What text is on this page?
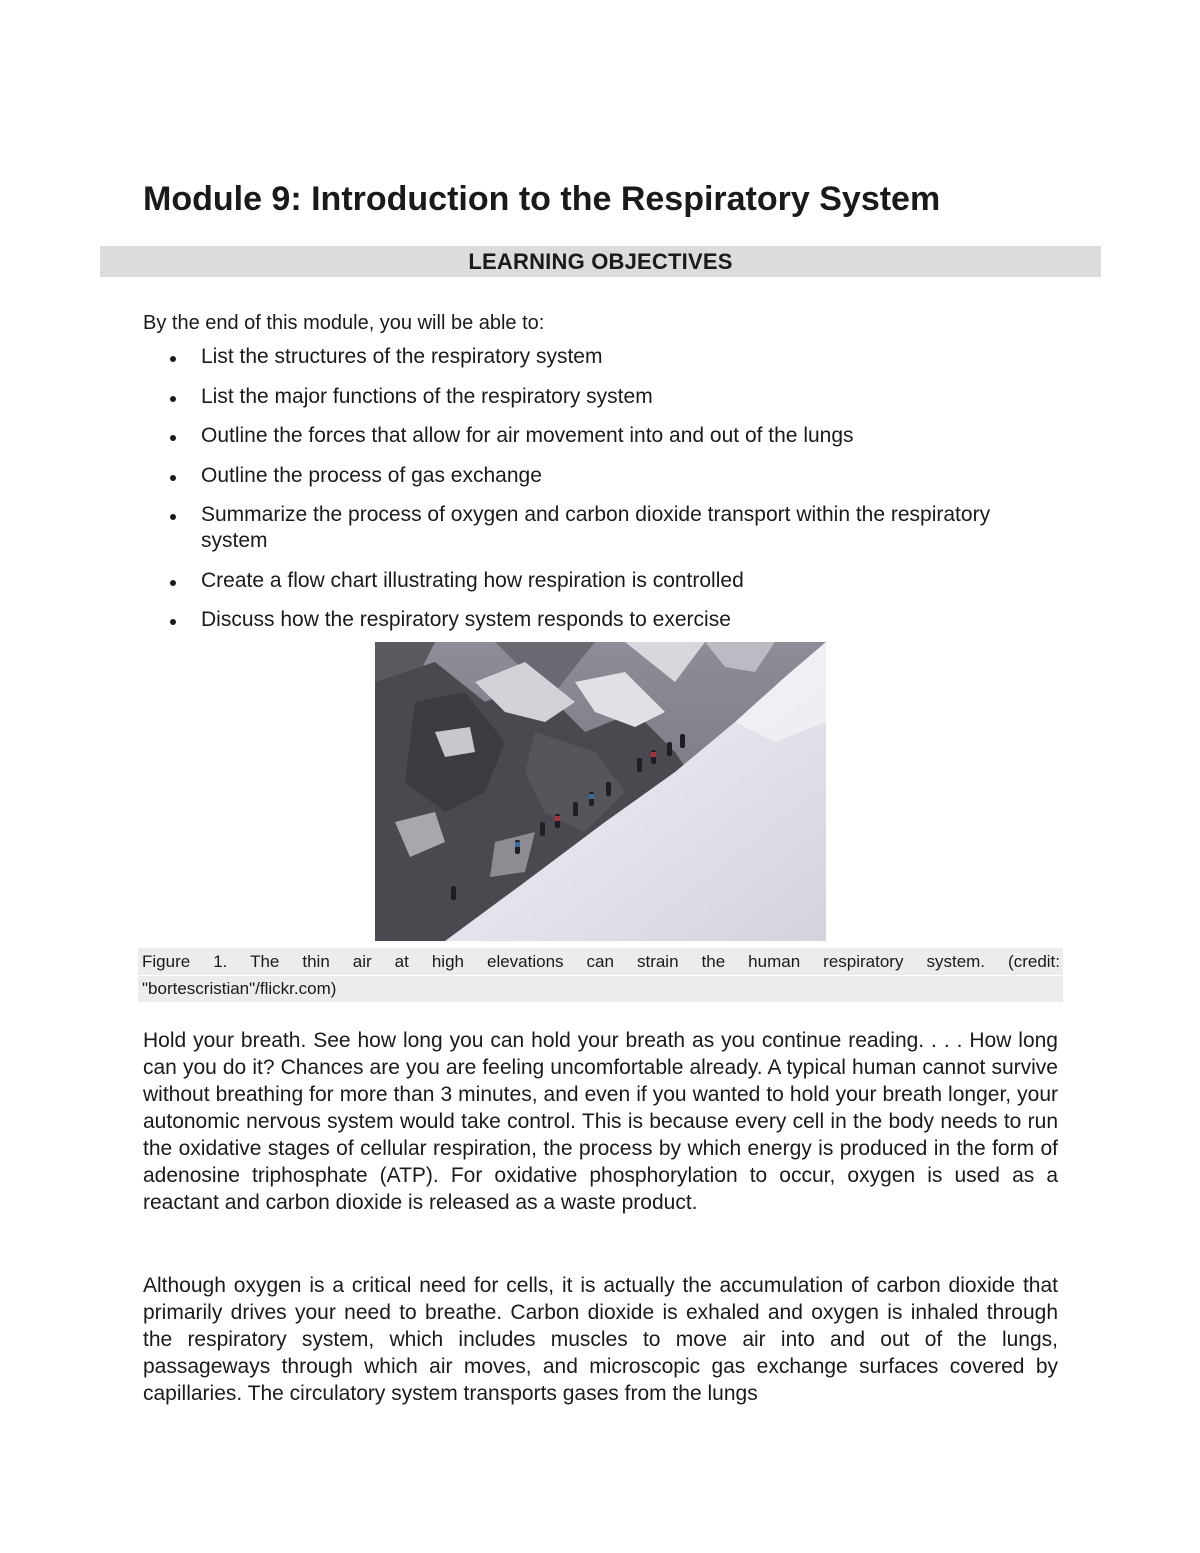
Module 9: Introduction to the Respiratory System
LEARNING OBJECTIVES
By the end of this module, you will be able to:
List the structures of the respiratory system
List the major functions of the respiratory system
Outline the forces that allow for air movement into and out of the lungs
Outline the process of gas exchange
Summarize the process of oxygen and carbon dioxide transport within the respiratory system
Create a flow chart illustrating how respiration is controlled
Discuss how the respiratory system responds to exercise
Figure 1. The thin air at high elevations can strain the human respiratory system. (credit:
"bortescristian"/flickr.com)

Hold your breath. See how long you can hold your breath as you continue reading. . . . How long can you do it? Chances are you are feeling uncomfortable already. A typical human cannot survive without breathing for more than 3 minutes, and even if you wanted to hold your breath longer, your autonomic nervous system would take control. This is because every cell in the body needs to run the oxidative stages of cellular respiration, the process by which energy is produced in the form of adenosine triphosphate (ATP). For oxidative phosphorylation to occur, oxygen is used as a reactant and carbon dioxide is released as a waste product.

Although oxygen is a critical need for cells, it is actually the accumulation of carbon dioxide that primarily drives your need to breathe. Carbon dioxide is exhaled and oxygen is inhaled through the respiratory system, which includes muscles to move air into and out of the lungs, passageways through which air moves, and microscopic gas exchange surfaces covered by capillaries. The circulatory system transports gases from the lungs
